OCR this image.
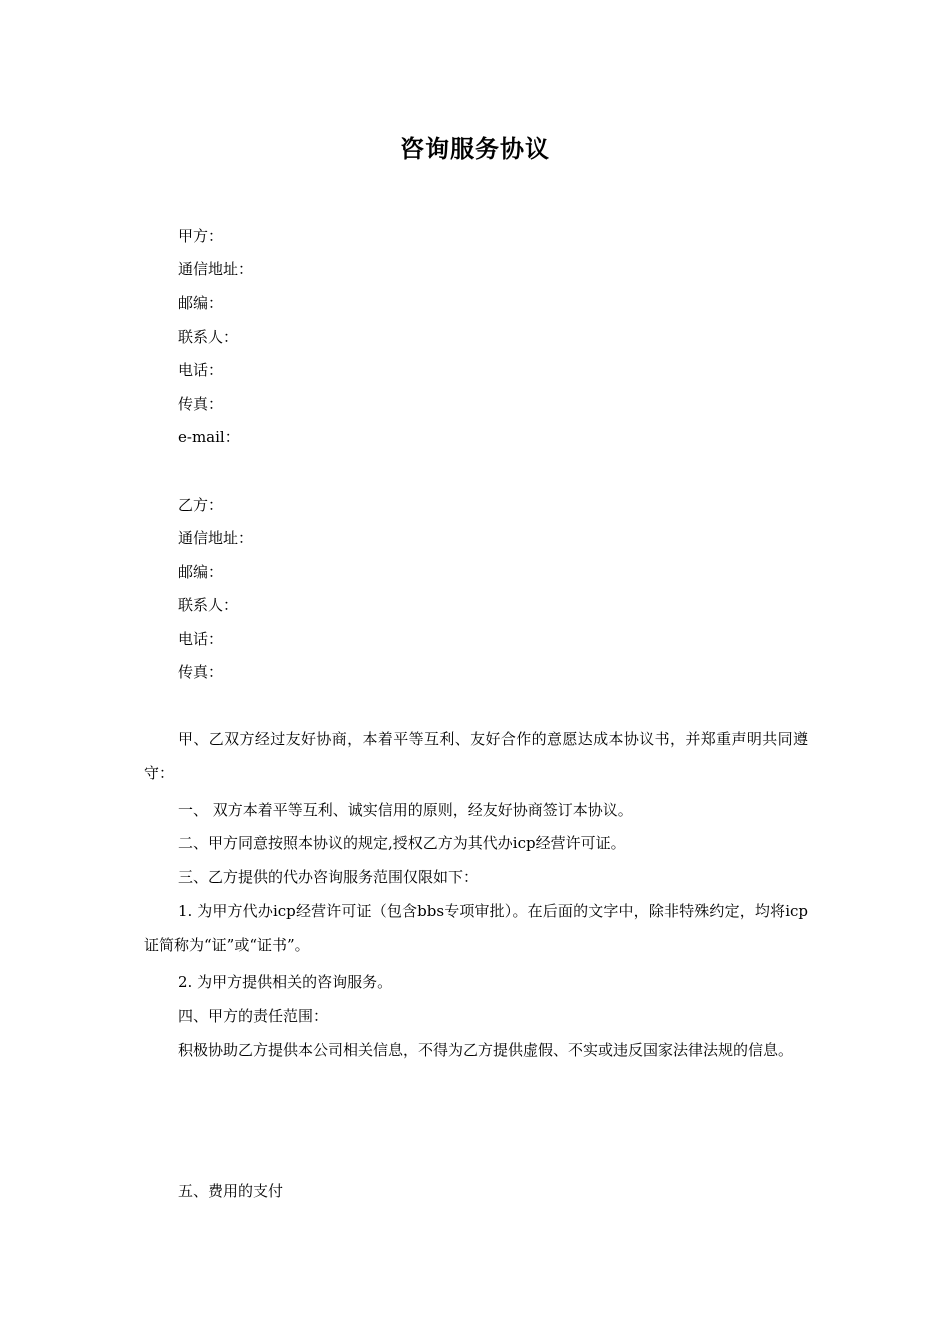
咨询服务协议
甲方：
通信地址：
邮编：
联系人：
电话：
传真：
e-mail：
乙方：
通信地址：
邮编：
联系人：
电话：
传真：
甲、乙双方经过友好协商，本着平等互利、友好合作的意愿达成本协议书，并郑重声明共同遵守：
一、 双方本着平等互利、诚实信用的原则，经友好协商签订本协议。
二、甲方同意按照本协议的规定,授权乙方为其代办icp经营许可证。
三、乙方提供的代办咨询服务范围仅限如下：
1. 为甲方代办icp经营许可证（包含bbs专项审批）。在后面的文字中，除非特殊约定，均将icp证简称为“证”或“证书”。
2. 为甲方提供相关的咨询服务。
四、甲方的责任范围：
积极协助乙方提供本公司相关信息，不得为乙方提供虚假、不实或违反国家法律法规的信息。
五、费用的支付
